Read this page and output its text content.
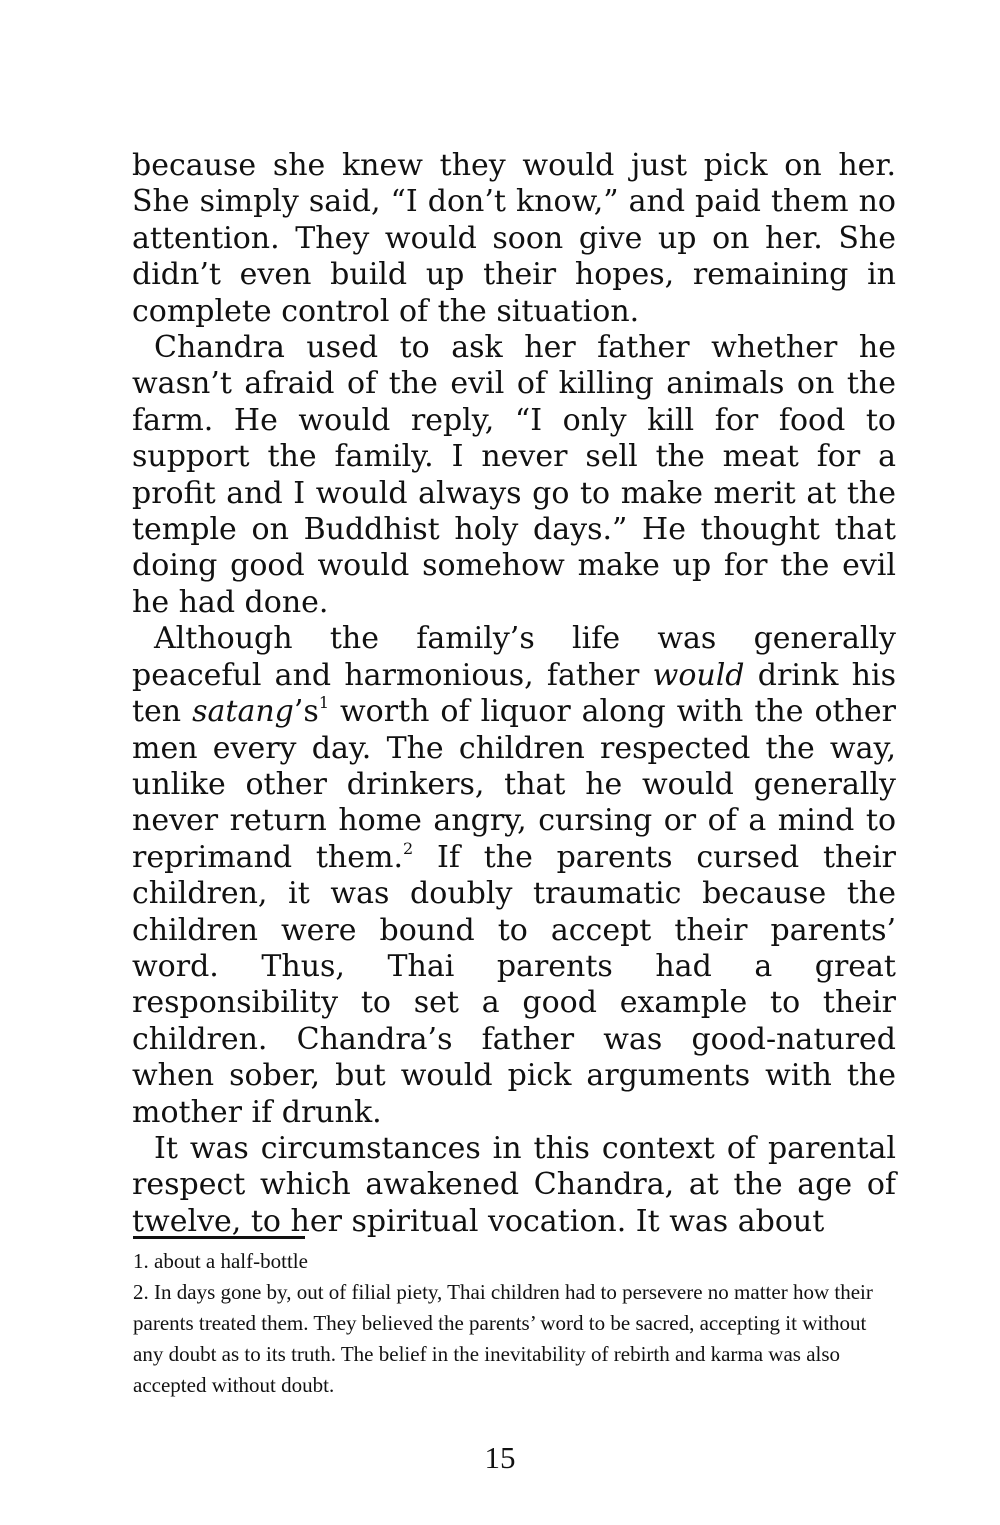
because she knew they would just pick on her. She simply said, “I don’t know,” and paid them no attention. They would soon give up on her. She didn’t even build up their hopes, remaining in complete control of the situation.

Chandra used to ask her father whether he wasn’t afraid of the evil of killing animals on the farm. He would reply, “I only kill for food to support the family. I never sell the meat for a profit and I would always go to make merit at the temple on Buddhist holy days.” He thought that doing good would somehow make up for the evil he had done.

Although the family’s life was generally peaceful and harmonious, father would drink his ten $satang’s^1$ worth of liquor along with the other men every day. The children respected the way, unlike other drinkers, that he would generally never return home angry, cursing or of a mind to reprimand them.$^2$ If the parents cursed their children, it was doubly traumatic because the children were bound to accept their parents’ word. Thus, Thai parents had a great responsibility to set a good example to their children. Chandra’s father was good-natured when sober, but would pick arguments with the mother if drunk.

It was circumstances in this context of parental respect which awakened Chandra, at the age of twelve, to her spiritual vocation. It was about

1. about a half-bottle

2. In days gone by, out of filial piety, Thai children had to persevere no matter how their parents treated them. They believed the parents’ word to be sacred, accepting it without any doubt as to its truth. The belief in the inevitability of rebirth and karma was also accepted without doubt.

15
